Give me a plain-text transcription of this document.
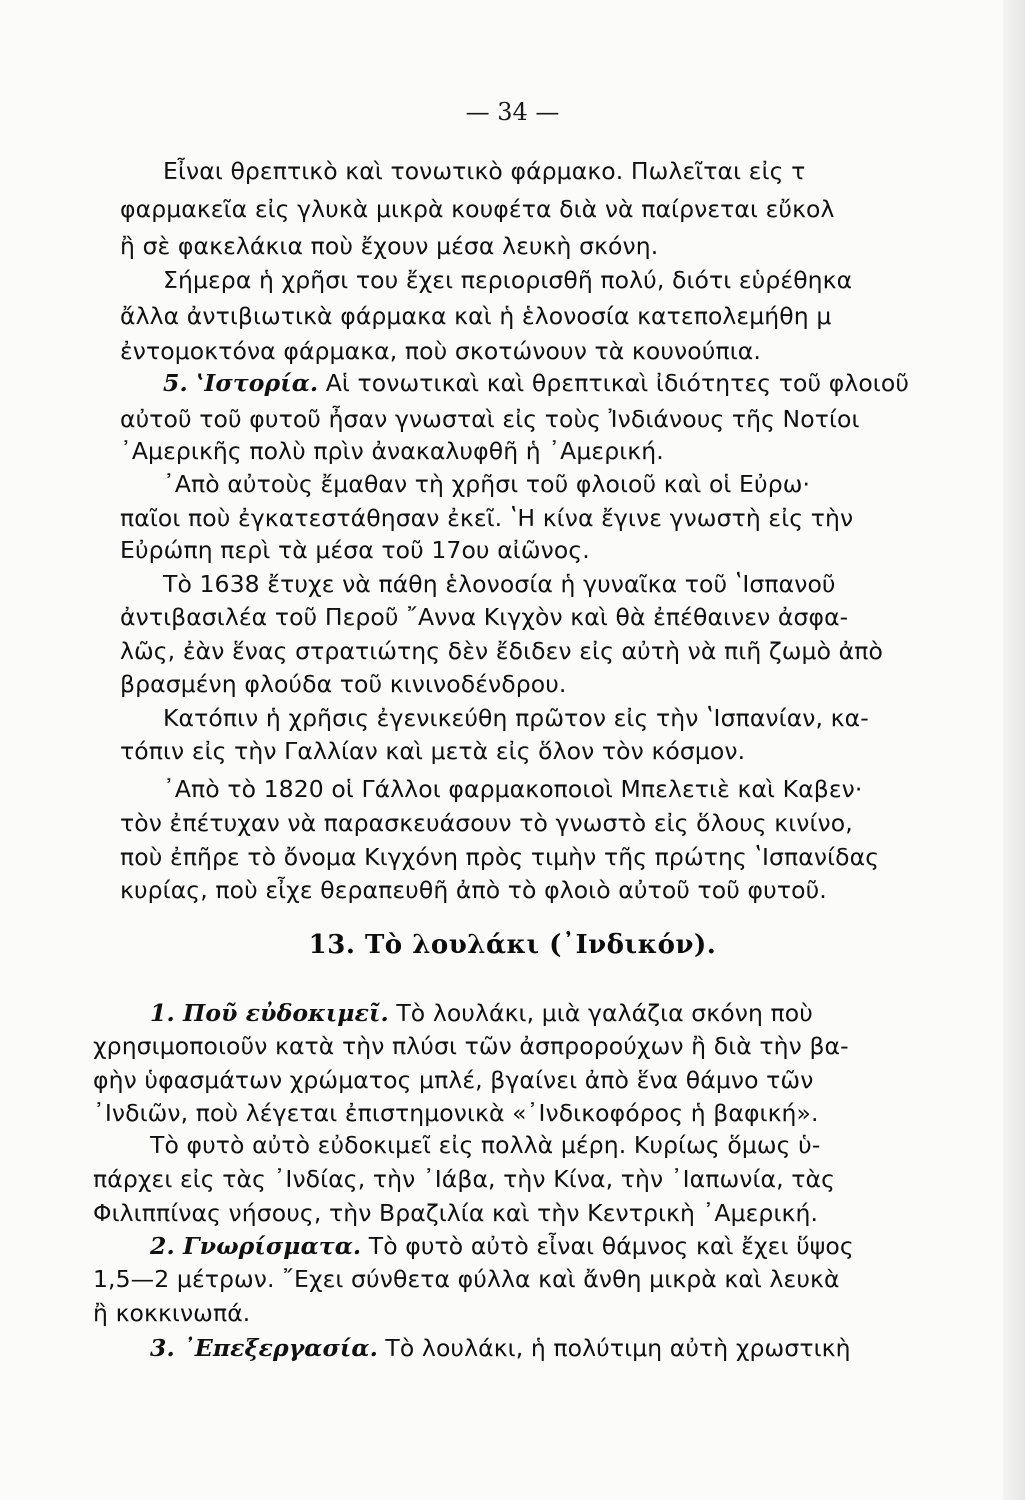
— 34 —
Εἶναι θρεπτικὸ καὶ τονωτικὸ φάρμακο. Πωλεῖται εἰς τ
φαρμακεῖα εἰς γλυκὰ μικρὰ κουφέτα διὰ νὰ παίρνεται εὔκολ
ἢ σὲ φακελάκια ποὺ ἔχουν μέσα λευκὴ σκόνη.
Σήμερα ἡ χρῆσι του ἔχει περιορισθῆ πολύ, διότι εὑρέθηκα
ἄλλα ἀντιβιωτικὰ φάρμακα καὶ ἡ ἑλονοσία κατεπολεμήθη μ
ἐντομοκτόνα φάρμακα, ποὺ σκοτώνουν τὰ κουνούπια.
5. ʽΙστορία. Αἱ τονωτικαὶ καὶ θρεπτικαὶ ἰδιότητες τοῦ φλοιοῦ
αὐτοῦ τοῦ φυτοῦ ἦσαν γνωσταὶ εἰς τοὺς Ἰνδιάνους τῆς Νοτίοι
᾿Αμερικῆς πολὺ πρὶν ἀνακαλυφθῆ ἡ ᾿Αμερική.
᾿Απὸ αὐτοὺς ἔμαθαν τὴ χρῆσι τοῦ φλοιοῦ καὶ οἱ Εὐρω·
παῖοι ποὺ ἐγκατεστάθησαν ἐκεῖ. ʽΗ κίνα ἔγινε γνωστὴ εἰς τὴν
Εὐρώπη περὶ τὰ μέσα τοῦ 17ου αἰῶνος.
Τὸ 1638 ἔτυχε νὰ πάθη ἑλονοσία ἡ γυναῖκα τοῦ ʽΙσπανοῦ
ἀντιβασιλέα τοῦ Περοῦ ῎Αννα Κιγχὸν καὶ θὰ ἐπέθαινεν ἀσφα-
λῶς, ἐὰν ἕνας στρατιώτης δὲν ἔδιδεν εἰς αὐτὴ νὰ πιῆ ζωμὸ ἀπὸ
βρασμένη φλούδα τοῦ κινινοδένδρου.
Κατόπιν ἡ χρῆσις ἐγενικεύθη πρῶτον εἰς τὴν ʽΙσπανίαν, κα-
τόπιν εἰς τὴν Γαλλίαν καὶ μετὰ εἰς ὅλον τὸν κόσμον.
᾿Απὸ τὸ 1820 οἱ Γάλλοι φαρμακοποιοὶ Μπελετιὲ καὶ Καβεν·
τὸν ἐπέτυχαν νὰ παρασκευάσουν τὸ γνωστὸ εἰς ὅλους κινίνο,
ποὺ ἐπῆρε τὸ ὄνομα Κιγχόνη πρὸς τιμὴν τῆς πρώτης ʽΙσπανίδας
κυρίας, ποὺ εἶχε θεραπευθῆ ἀπὸ τὸ φλοιὸ αὐτοῦ τοῦ φυτοῦ.
13. Τὸ λουλάκι (᾿Ινδικόν).
1. Ποῦ εὐδοκιμεῖ. Τὸ λουλάκι, μιὰ γαλάζια σκόνη ποὺ
χρησιμοποιοῦν κατὰ τὴν πλύσι τῶν ἀσπρορούχων ἢ διὰ τὴν βα-
φὴν ὑφασμάτων χρώματος μπλέ, βγαίνει ἀπὸ ἕνα θάμνο τῶν
᾿Ινδιῶν, ποὺ λέγεται ἐπιστημονικὰ «᾿Ινδικοφόρος ἡ βαφική».
Τὸ φυτὸ αὐτὸ εὐδοκιμεῖ εἰς πολλὰ μέρη. Κυρίως ὅμως ὑ-
πάρχει εἰς τὰς ᾿Ινδίας, τὴν ᾿Ιάβα, τὴν Κίνα, τὴν ᾿Ιαπωνία, τὰς
Φιλιππίνας νήσους, τὴν Βραζιλία καὶ τὴν Κεντρικὴ ᾿Αμερική.
2. Γνωρίσματα. Τὸ φυτὸ αὐτὸ εἶναι θάμνος καὶ ἔχει ὕψος
1,5—2 μέτρων. ῎Εχει σύνθετα φύλλα καὶ ἄνθη μικρὰ καὶ λευκὰ
ἢ κοκκινωπά.
3. ᾿Επεξεργασία. Τὸ λουλάκι, ἡ πολύτιμη αὐτὴ χρωστικὴ
